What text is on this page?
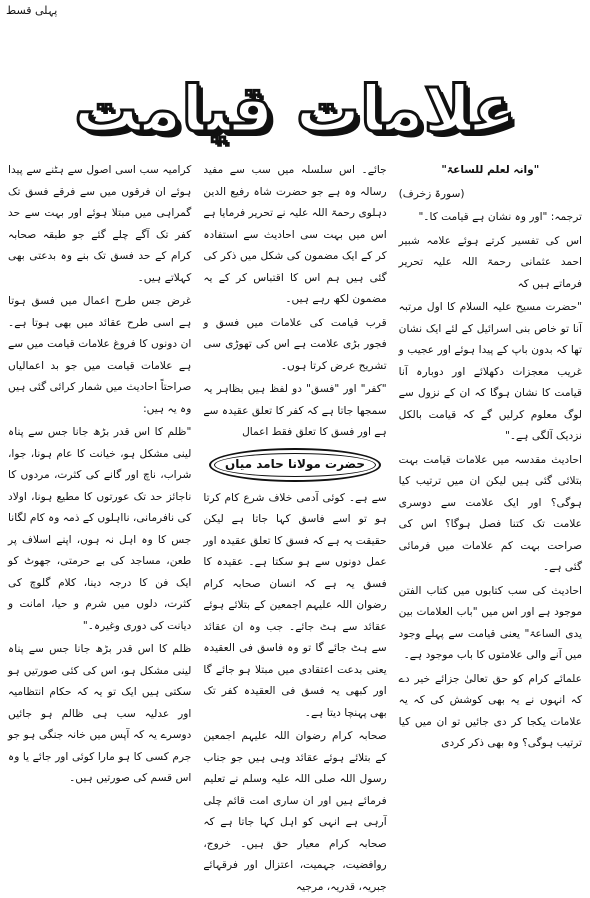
پہلی قسط
علامات قیامت

"وانہ لعلم للساعۃ"

(سورۃ زخرف)

ترجمہ: "اور وہ نشان ہے قیامت کا۔"

اس کی تفسیر کرتے ہوئے علامہ شبیر احمد عثمانی رحمۃ اللہ علیہ تحریر فرماتے ہیں کہ

"حضرت مسیح علیہ السلام کا اول مرتبہ آنا تو خاص بنی اسرائیل کے لئے ایک نشان تھا کہ بدون باپ کے پیدا ہوئے اور عجیب و غریب معجزات دکھلائے اور دوبارہ آنا قیامت کا نشان ہوگا کہ ان کے نزول سے لوگ معلوم کرلیں گے کہ قیامت بالکل نزدیک آلگی ہے۔"

احادیث مقدسہ میں علامات قیامت بہت بتلائی گئی ہیں لیکن ان میں ترتیب کیا ہوگی؟ اور ایک علامت سے دوسری علامت تک کتنا فصل ہوگا؟ اس کی صراحت بہت کم علامات میں فرمائی گئی ہے۔

احادیث کی سب کتابوں میں کتاب الفتن موجود ہے اور اس میں "باب العلامات بین یدی الساعۃ" یعنی قیامت سے پہلے وجود میں آنے والی علامتوں کا باب موجود ہے۔

علمائے کرام کو حق تعالیٰ جزائے خیر دے کہ انہوں نے یہ بھی کوشش کی کہ یہ علامات یکجا کر دی جائیں تو ان میں کیا ترتیب ہوگی؟ وہ بھی ذکر کردی

جائے۔ اس سلسلہ میں سب سے مفید رسالہ وہ ہے جو حضرت شاہ رفیع الدین دہلوی رحمۃ اللہ علیہ نے تحریر فرمایا ہے اس میں بہت سی احادیث سے استفادہ کر کے ایک مضمون کی شکل میں ذکر کی گئی ہیں ہم اس کا اقتباس کر کے یہ مضمون لکھ رہے ہیں۔

قرب قیامت کی علامات میں فسق و فجور بڑی علامت ہے اس کی تھوڑی سی تشریح عرض کرتا ہوں۔

"کفر" اور "فسق" دو لفظ ہیں بظاہر یہ سمجھا جاتا ہے کہ کفر کا تعلق عقیدہ سے ہے اور فسق کا تعلق فقط اعمال

حضرت مولانا حامد میاں

سے ہے۔ کوئی آدمی خلاف شرع کام کرتا ہو تو اسے فاسق کہا جاتا ہے لیکن حقیقت یہ ہے کہ فسق کا تعلق عقیدہ اور عمل دونوں سے ہو سکتا ہے۔ عقیدہ کا فسق یہ ہے کہ انسان صحابہ کرام رضوان اللہ علیہم اجمعین کے بتلائے ہوئے عقائد سے ہٹ جائے۔ جب وہ ان عقائد سے ہٹ جائے گا تو وہ فاسق فی العقیدہ یعنی بدعت اعتقادی میں مبتلا ہو جائے گا اور کبھی یہ فسق فی العقیدہ کفر تک بھی پہنچا دیتا ہے۔

صحابہ کرام رضوان اللہ علیہم اجمعین کے بتلائے ہوئے عقائد وہی ہیں جو جناب رسول اللہ صلی اللہ علیہ وسلم نے تعلیم فرمائے ہیں اور ان ساری امت قائم چلی آرہی ہے انہی کو اہل کہا جاتا ہے کہ صحابہ کرام معیار حق ہیں۔ خروج، روافضیت، جہمیت، اعتزال اور فرقہائے جبریہ، قدریہ، مرجیہ

کرامیہ سب اسی اصول سے ہٹنے سے پیدا ہوئے ان فرقوں میں سے فرقے فسق تک گمراہی میں مبتلا ہوئے اور بہت سے حد کفر تک آگے چلے گئے جو طبقہ صحابہ کرام کے حد فسق تک بنے وہ بدعتی بھی کہلاتے ہیں۔

غرض جس طرح اعمال میں فسق ہوتا ہے اسی طرح عقائد میں بھی ہوتا ہے۔ ان دونوں کا فروغ علامات قیامت میں سے ہے علامات قیامت میں جو بد اعمالیاں صراحتاً احادیث میں شمار کرائی گئی ہیں وہ یہ ہیں:

"ظلم کا اس قدر بڑھ جانا جس سے پناہ لینی مشکل ہو، خیانت کا عام ہونا، جوا، شراب، ناچ اور گانے کی کثرت، مردوں کا ناجائز حد تک عورتوں کا مطیع ہونا، اولاد کی نافرمانی، نااہلوں کے ذمہ وہ کام لگانا جس کا وہ اہل نہ ہوں، اپنے اسلاف پر طعن، مساجد کی بے حرمتی، جھوٹ کو ایک فن کا درجہ دینا، کلام گلوچ کی کثرت، دلوں میں شرم و حیا، امانت و دیانت کی دوری وغیرہ۔"

ظلم کا اس قدر بڑھ جانا جس سے پناہ لینی مشکل ہو، اس کی کئی صورتیں ہو سکتی ہیں ایک تو یہ کہ حکام انتظامیہ اور عدلیہ سب ہی ظالم ہو جائیں دوسرے یہ کہ آپس میں خانہ جنگی ہو جو جرم کسی کا ہو مارا کوئی اور جائے یا وہ اس قسم کی صورتیں ہیں۔
